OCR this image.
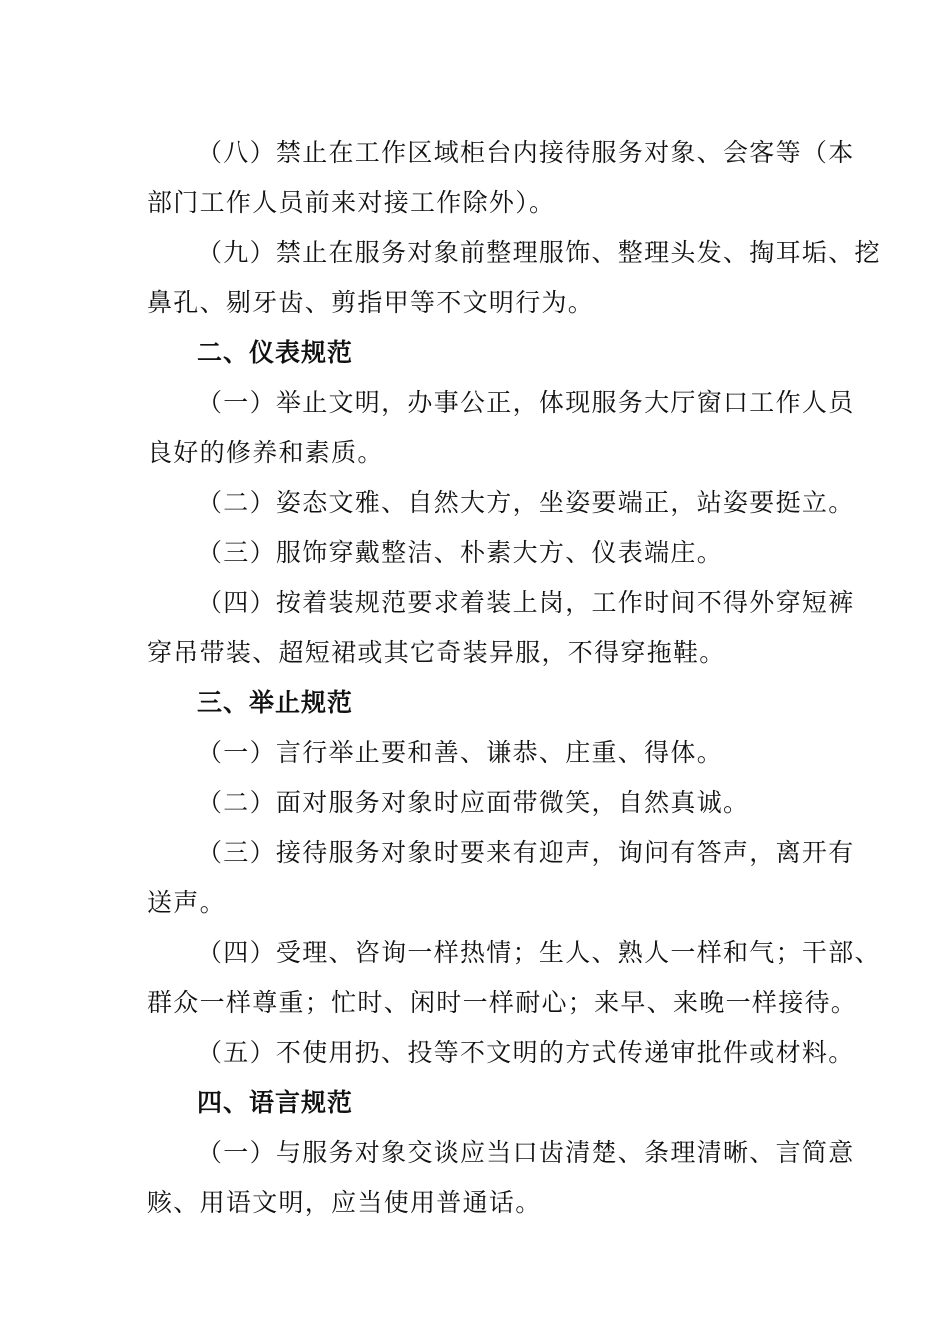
（八）禁止在工作区域柜台内接待服务对象、会客等（本
部门工作人员前来对接工作除外）。
（九）禁止在服务对象前整理服饰、整理头发、掏耳垢、挖
鼻孔、剔牙齿、剪指甲等不文明行为。
二、仪表规范
（一）举止文明，办事公正，体现服务大厅窗口工作人员
良好的修养和素质。
（二）姿态文雅、自然大方，坐姿要端正，站姿要挺立。
（三）服饰穿戴整洁、朴素大方、仪表端庄。
（四）按着装规范要求着装上岗，工作时间不得外穿短裤
穿吊带装、超短裙或其它奇装异服，不得穿拖鞋。
三、举止规范
（一）言行举止要和善、谦恭、庄重、得体。
（二）面对服务对象时应面带微笑，自然真诚。
（三）接待服务对象时要来有迎声，询问有答声，离开有
送声。
（四）受理、咨询一样热情；生人、熟人一样和气；干部、
群众一样尊重；忙时、闲时一样耐心；来早、来晚一样接待。
（五）不使用扔、投等不文明的方式传递审批件或材料。
四、语言规范
（一）与服务对象交谈应当口齿清楚、条理清晰、言简意
赅、用语文明，应当使用普通话。
